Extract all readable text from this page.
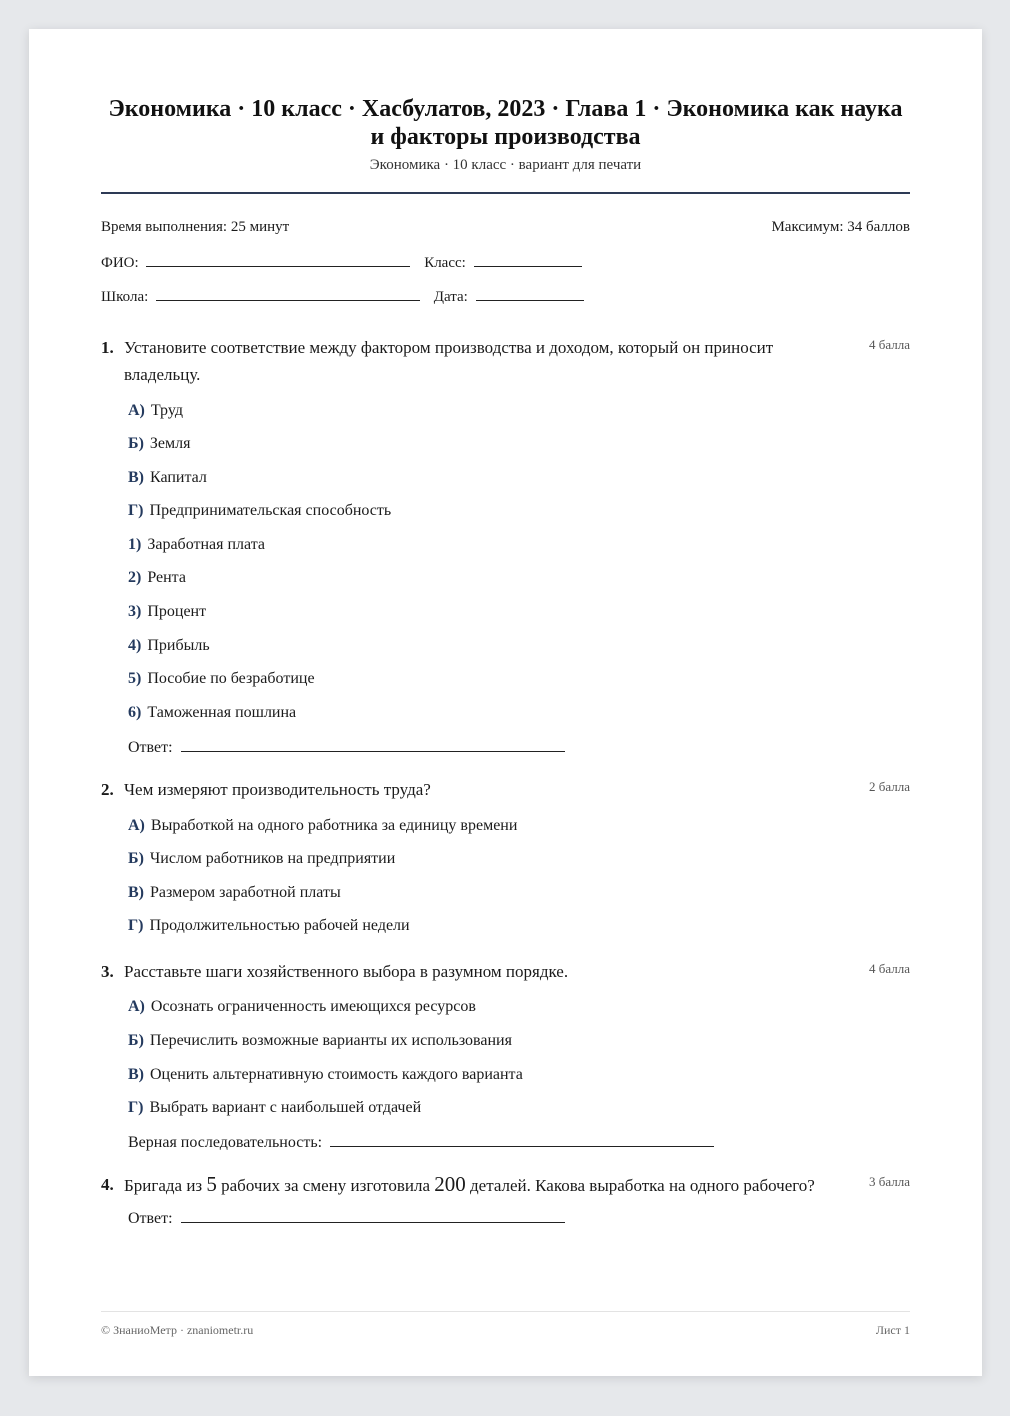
Экономика · 10 класс · Хасбулатов, 2023 · Глава 1 · Экономика как наука и факторы производства
Экономика · 10 класс · вариант для печати
Время выполнения: 25 минут	Максимум: 34 баллов
ФИО:	Класс:
Школа:	Дата:
1. Установите соответствие между фактором производства и доходом, который он приносит владельцу.
4 балла
А) Труд
Б) Земля
В) Капитал
Г) Предпринимательская способность
1) Заработная плата
2) Рента
3) Процент
4) Прибыль
5) Пособие по безработице
6) Таможенная пошлина
Ответ:
2. Чем измеряют производительность труда?	2 балла
А) Выработкой на одного работника за единицу времени
Б) Числом работников на предприятии
В) Размером заработной платы
Г) Продолжительностью рабочей недели
3. Расставьте шаги хозяйственного выбора в разумном порядке.	4 балла
А) Осознать ограниченность имеющихся ресурсов
Б) Перечислить возможные варианты их использования
В) Оценить альтернативную стоимость каждого варианта
Г) Выбрать вариант с наибольшей отдачей
Верная последовательность:
4. Бригада из 5 рабочих за смену изготовила 200 деталей. Какова выработка на одного рабочего?	3 балла
Ответ:
© ЗнаниоМетр · znaniometr.ru	Лист 1
